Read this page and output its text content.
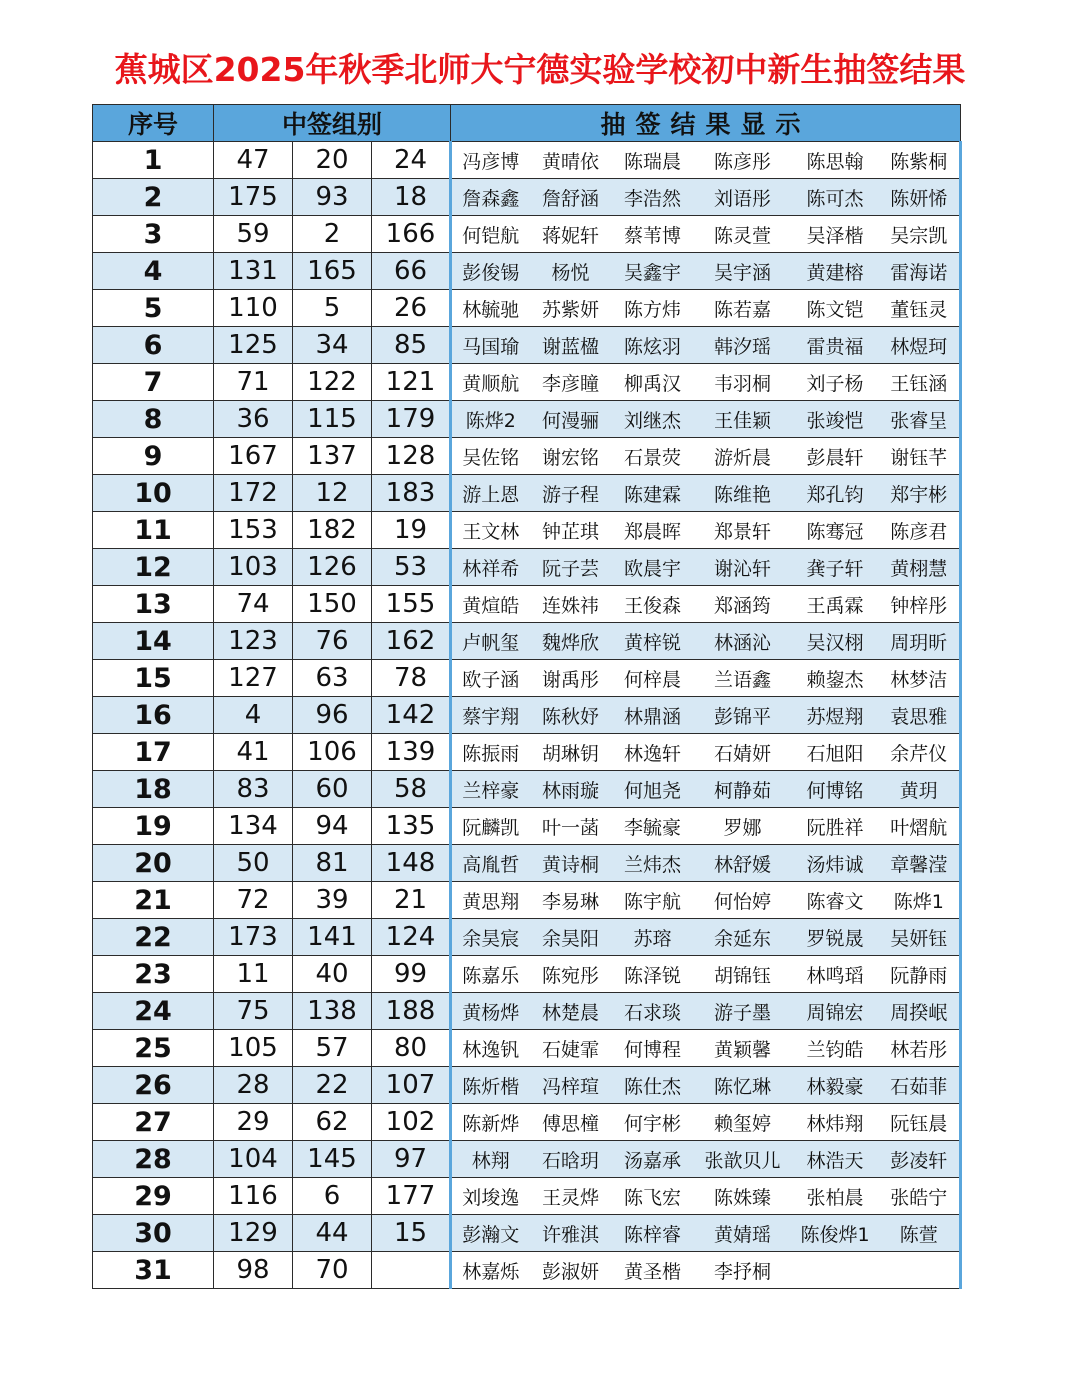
蕉城区2025年秋季北师大宁德实验学校初中新生抽签结果
序号	中签组别			抽签结果显示					
1	47	20	24	冯彦博	黄晴依	陈瑞晨	陈彦彤	陈思翰	陈紫桐
2	175	93	18	詹森鑫	詹舒涵	李浩然	刘语彤	陈可杰	陈妍悕
3	59	2	166	何铠航	蒋妮轩	蔡苇博	陈灵萱	吴泽楷	吴宗凯
4	131	165	66	彭俊锡	杨悦	吴鑫宇	吴宇涵	黄建榕	雷海诺
5	110	5	26	林毓驰	苏紫妍	陈方炜	陈若嘉	陈文铠	董钰灵
6	125	34	85	马国瑜	谢蓝楹	陈炫羽	韩汐瑶	雷贵福	林煜珂
7	71	122	121	黄顺航	李彦瞳	柳禹汉	韦羽桐	刘子杨	王钰涵
8	36	115	179	陈烨2	何漫骊	刘继杰	王佳颖	张竣恺	张睿呈
9	167	137	128	吴佐铭	谢宏铭	石景荧	游炘晨	彭晨轩	谢钰芊
10	172	12	183	游上恩	游子程	陈建霖	陈维艳	郑孔钧	郑宇彬
11	153	182	19	王文林	钟芷琪	郑晨晖	郑景轩	陈骞冠	陈彦君
12	103	126	53	林祥希	阮子芸	欧晨宇	谢沁轩	龚子轩	黄栩慧
13	74	150	155	黄煊皓	连姝祎	王俊森	郑涵筠	王禹霖	钟梓彤
14	123	76	162	卢帆玺	魏烨欣	黄梓锐	林涵沁	吴汉栩	周玥昕
15	127	63	78	欧子涵	谢禹彤	何梓晨	兰语鑫	赖鋆杰	林梦洁
16	4	96	142	蔡宇翔	陈秋妤	林鼎涵	彭锦平	苏煜翔	袁思雅
17	41	106	139	陈振雨	胡琳钥	林逸轩	石婧妍	石旭阳	余芹仪
18	83	60	58	兰梓豪	林雨璇	何旭尧	柯静茹	何博铭	黄玥
19	134	94	135	阮麟凯	叶一菡	李毓豪	罗娜	阮胜祥	叶熠航
20	50	81	148	高胤哲	黄诗桐	兰炜杰	林舒媛	汤炜诚	章馨滢
21	72	39	21	黄思翔	李易琳	陈宇航	何怡婷	陈睿文	陈烨1
22	173	141	124	余昊宸	余昊阳	苏瑢	余延东	罗锐晟	吴妍钰
23	11	40	99	陈嘉乐	陈宛彤	陈泽锐	胡锦钰	林鸣瑫	阮静雨
24	75	138	188	黄杨烨	林楚晨	石求琰	游子墨	周锦宏	周揆岷
25	105	57	80	林逸钒	石婕霏	何博程	黄颖馨	兰钧皓	林若彤
26	28	22	107	陈炘楷	冯梓瑄	陈仕杰	陈忆琳	林毅豪	石茹菲
27	29	62	102	陈新烨	傅思橦	何宇彬	赖玺婷	林炜翔	阮钰晨
28	104	145	97	林翔	石晗玥	汤嘉承	张歆贝儿	林浩天	彭凌轩
29	116	6	177	刘埈逸	王灵烨	陈飞宏	陈姝臻	张柏晨	张皓宁
30	129	44	15	彭瀚文	许雅淇	陈梓睿	黄婧瑶	陈俊烨1	陈萱
31	98	70		林嘉烁	彭淑妍	黄圣楷	李抒桐		
